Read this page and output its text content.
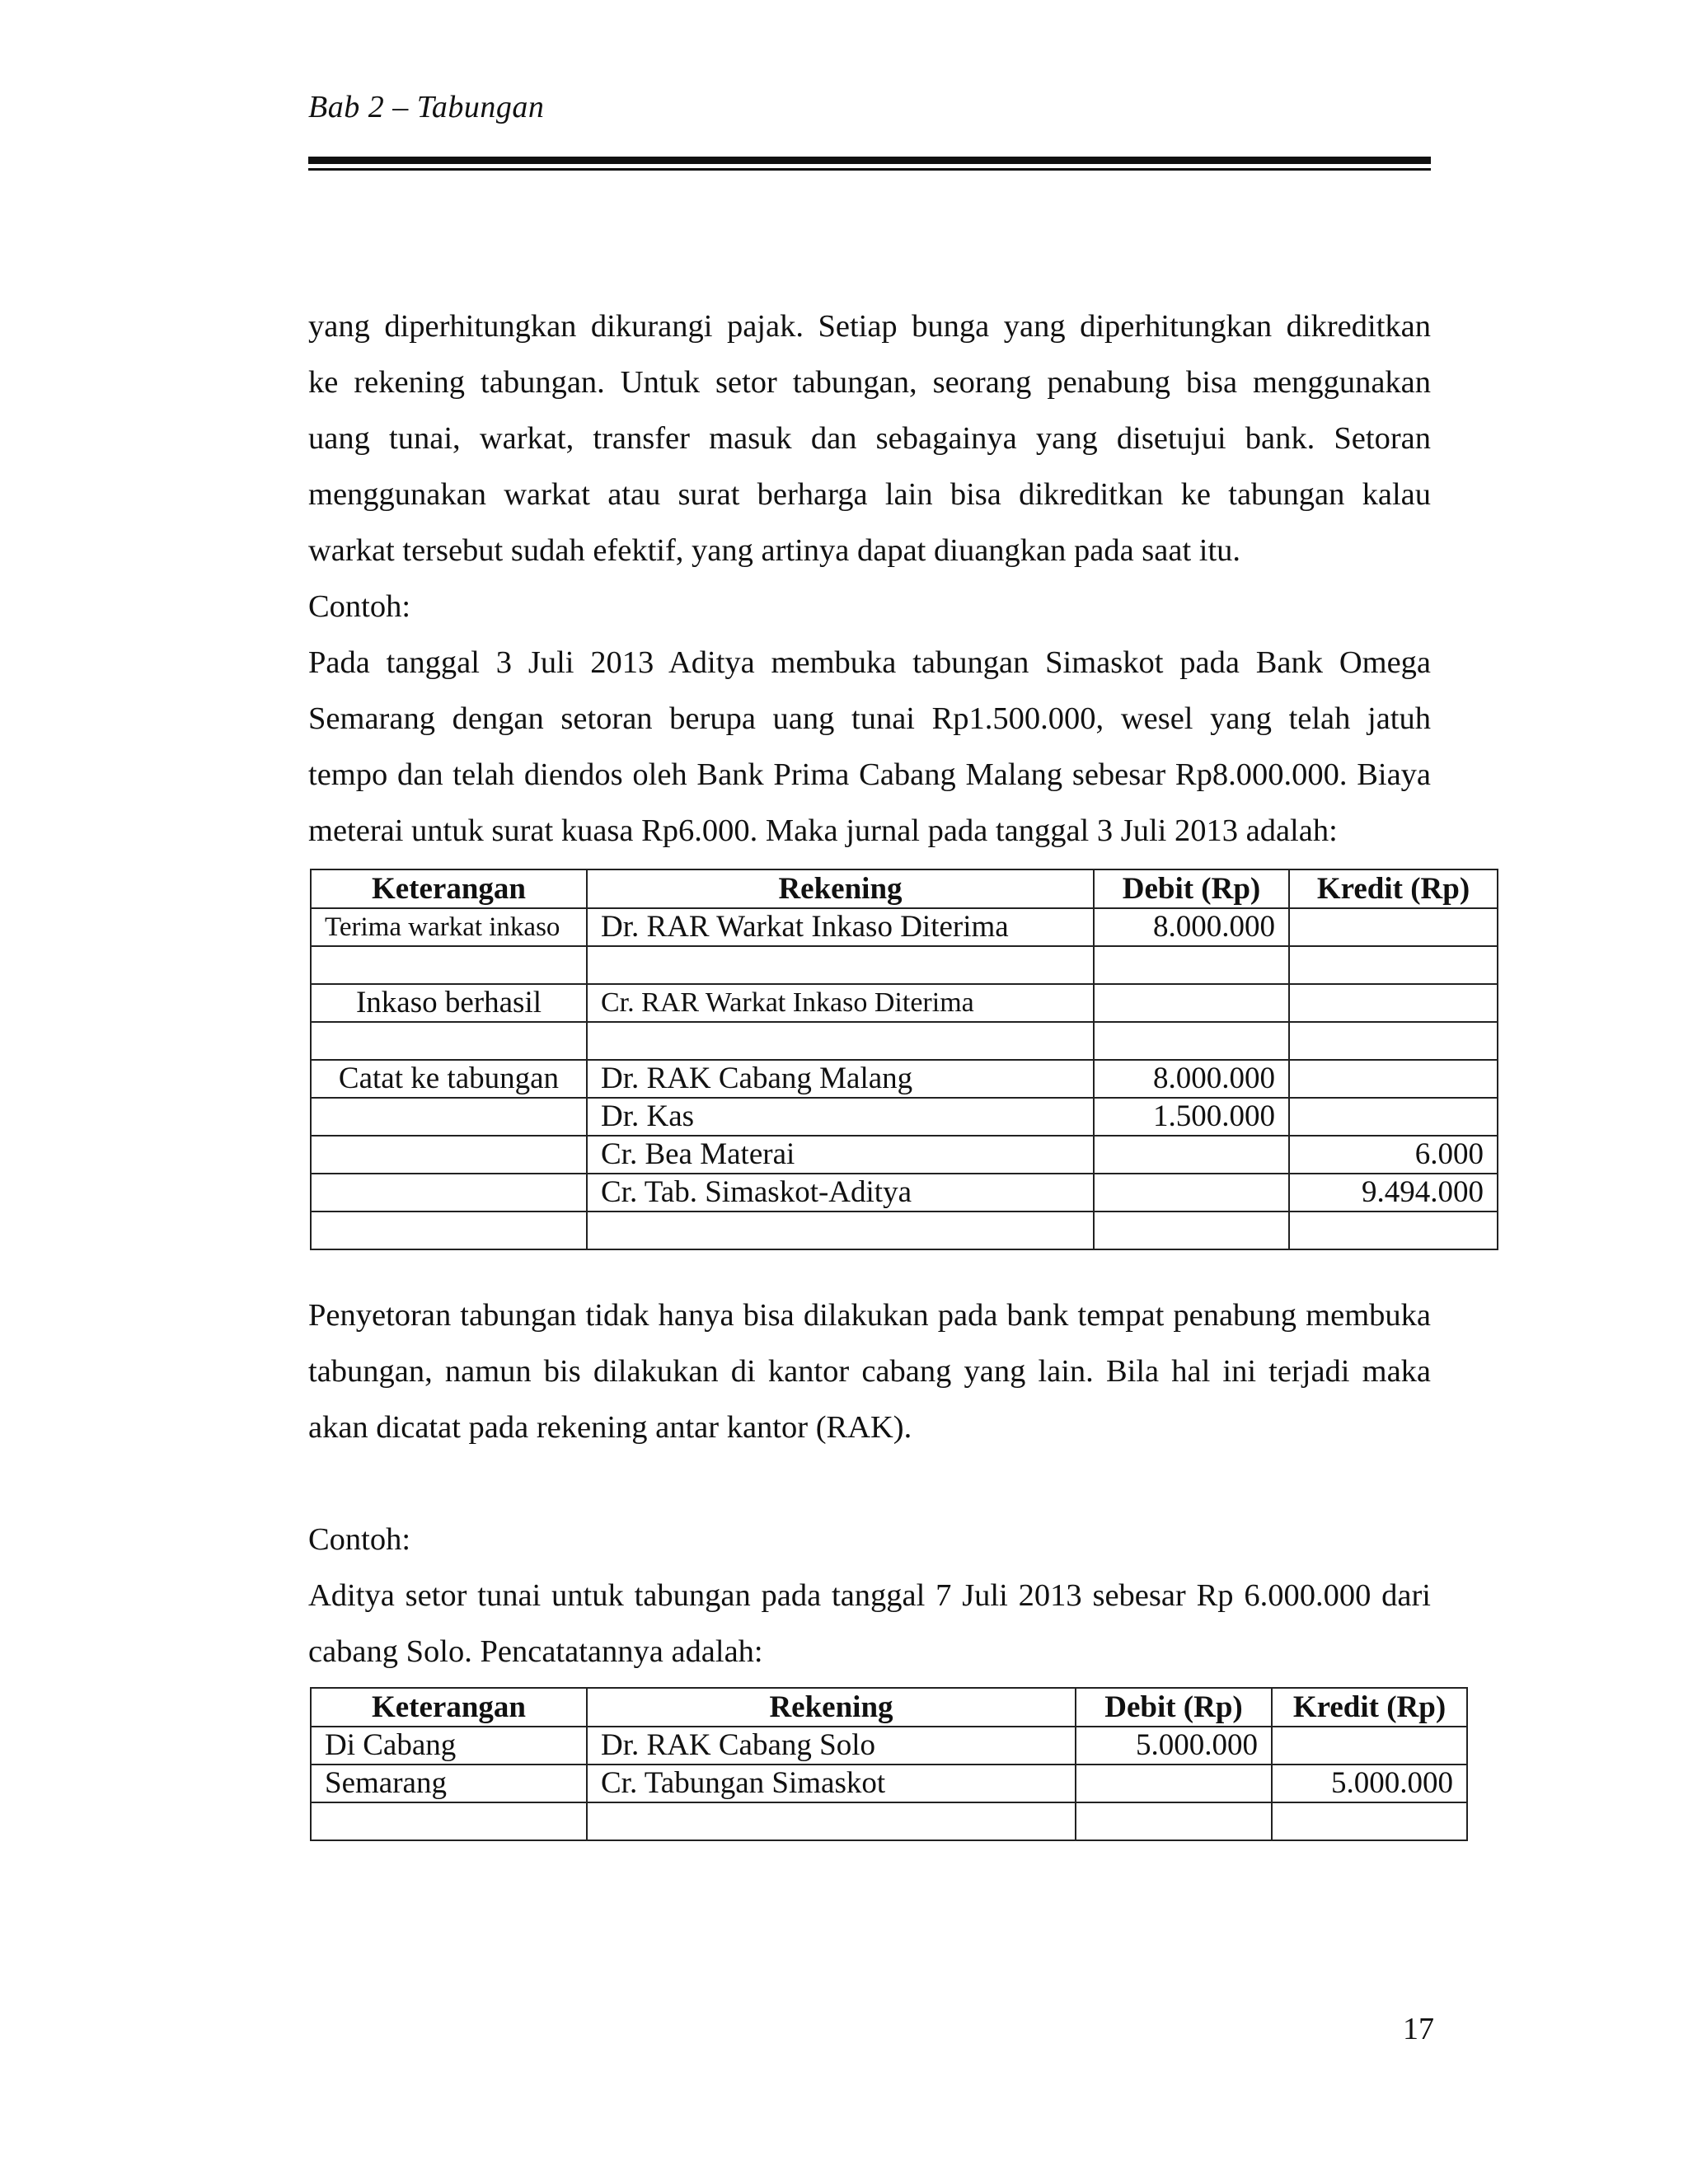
Bab 2 – Tabungan
yang diperhitungkan dikurangi pajak. Setiap bunga yang diperhitungkan dikreditkan
ke rekening tabungan. Untuk setor tabungan, seorang penabung bisa menggunakan
uang tunai, warkat, transfer masuk dan sebagainya yang disetujui bank. Setoran
menggunakan warkat atau surat berharga lain bisa dikreditkan ke tabungan kalau
warkat tersebut sudah efektif, yang artinya dapat diuangkan pada saat itu.
Contoh:
Pada tanggal 3 Juli 2013 Aditya membuka tabungan Simaskot pada Bank Omega
Semarang dengan setoran berupa uang tunai Rp1.500.000, wesel yang telah jatuh
tempo dan telah diendos oleh Bank Prima Cabang Malang sebesar Rp8.000.000. Biaya
meterai untuk surat kuasa Rp6.000. Maka jurnal pada tanggal 3 Juli 2013 adalah:
Keterangan	Rekening	Debit (Rp)	Kredit (Rp)
Terima warkat inkaso	Dr. RAR Warkat Inkaso Diterima	8.000.000	

Inkaso berhasil	Cr. RAR Warkat Inkaso Diterima		

Catat ke tabungan	Dr. RAK Cabang Malang	8.000.000	
	Dr. Kas	1.500.000	
	Cr. Bea Materai		6.000
	Cr. Tab. Simaskot-Aditya		9.494.000

Penyetoran tabungan tidak hanya bisa dilakukan pada bank tempat penabung membuka
tabungan, namun bis dilakukan di kantor cabang yang lain. Bila hal ini terjadi maka
akan dicatat pada rekening antar kantor (RAK).
Contoh:
Aditya setor tunai untuk tabungan pada tanggal 7 Juli 2013 sebesar Rp 6.000.000 dari
cabang Solo. Pencatatannya adalah:
Keterangan	Rekening	Debit (Rp)	Kredit (Rp)
Di Cabang	Dr. RAK Cabang Solo	5.000.000	
Semarang	Cr. Tabungan Simaskot		5.000.000

17
